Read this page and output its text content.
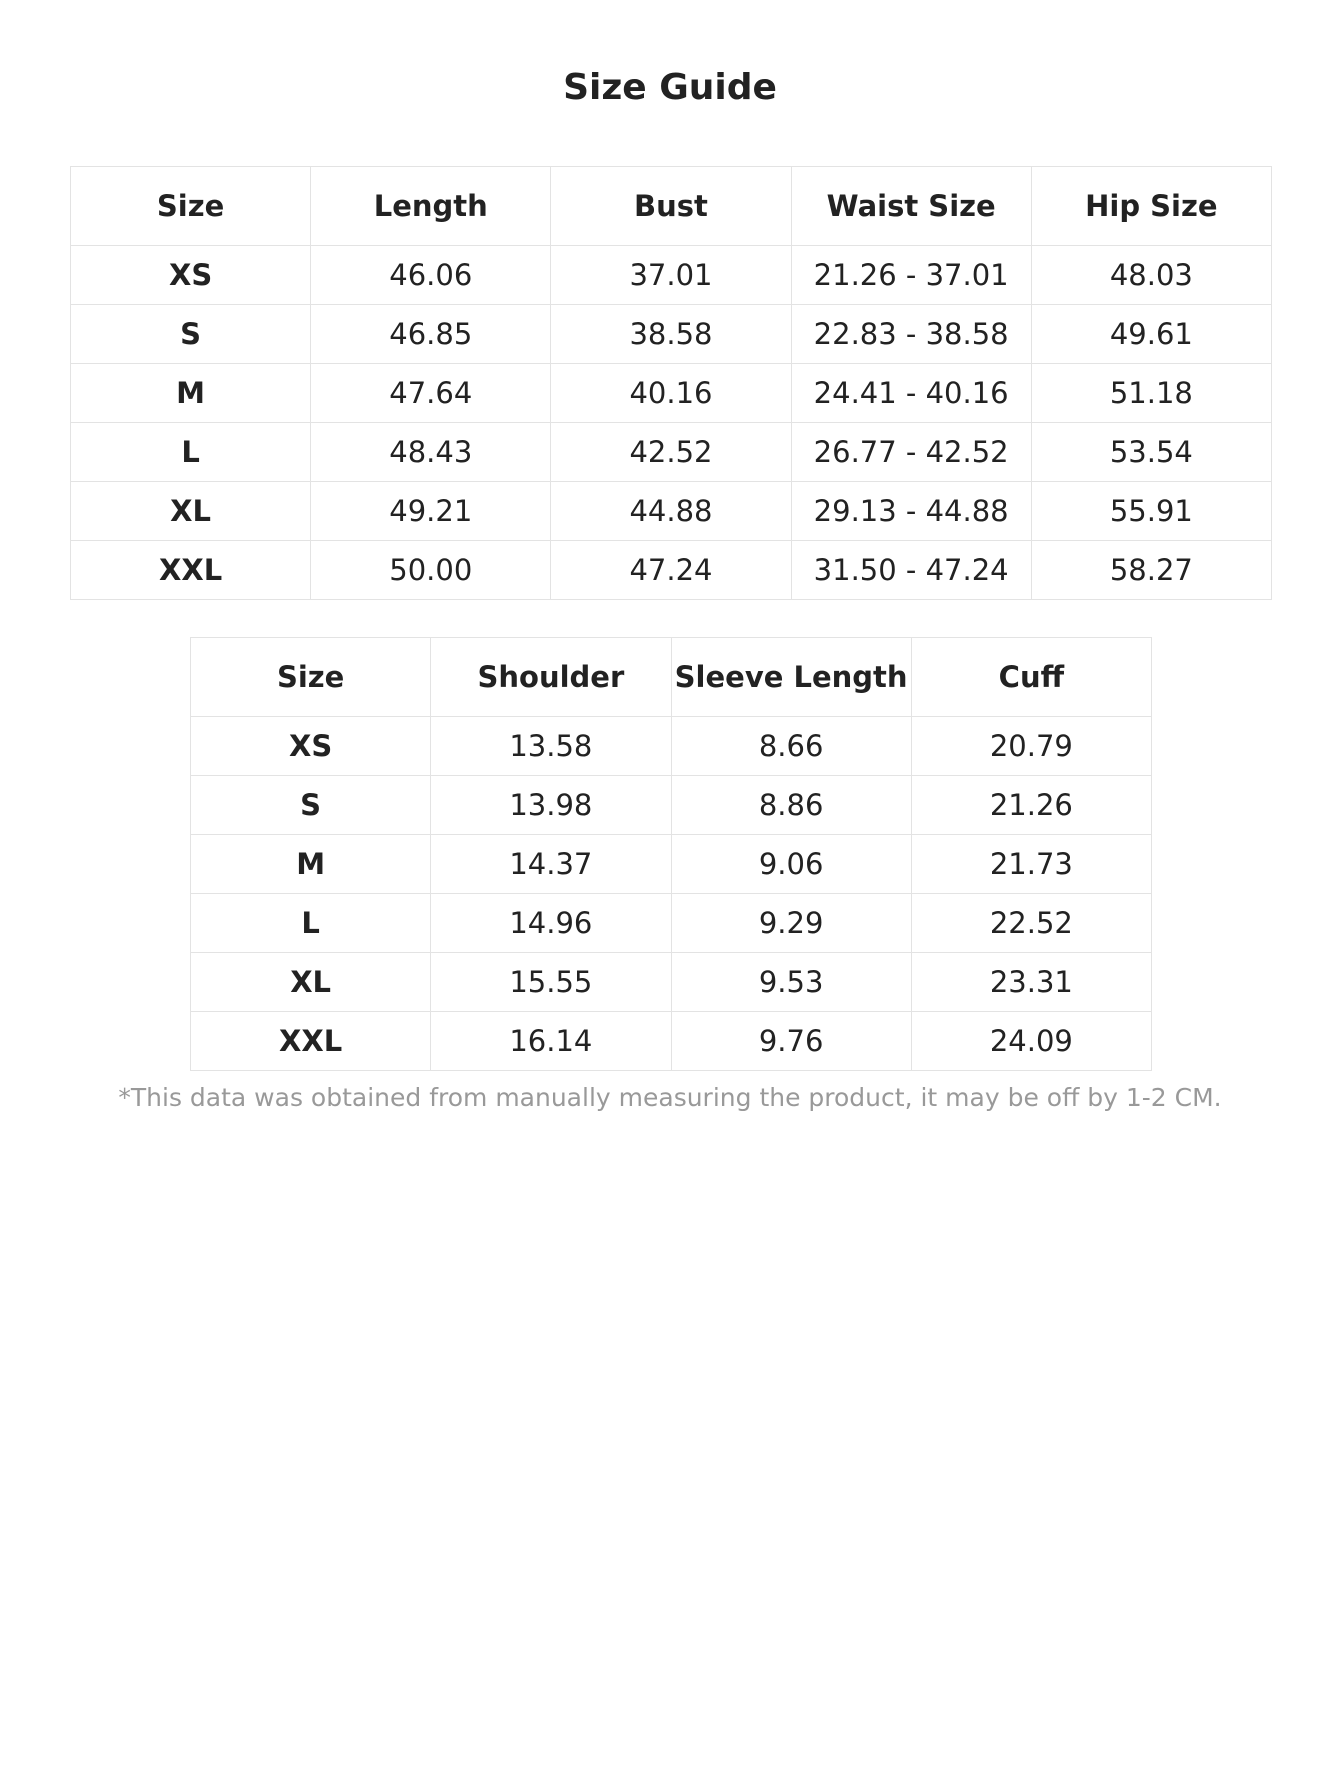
Size Guide
Size	Length	Bust	Waist Size	Hip Size
XS	46.06	37.01	21.26 - 37.01	48.03
S	46.85	38.58	22.83 - 38.58	49.61
M	47.64	40.16	24.41 - 40.16	51.18
L	48.43	42.52	26.77 - 42.52	53.54
XL	49.21	44.88	29.13 - 44.88	55.91
XXL	50.00	47.24	31.50 - 47.24	58.27
Size	Shoulder	Sleeve Length	Cuff
XS	13.58	8.66	20.79
S	13.98	8.86	21.26
M	14.37	9.06	21.73
L	14.96	9.29	22.52
XL	15.55	9.53	23.31
XXL	16.14	9.76	24.09
*This data was obtained from manually measuring the product, it may be off by 1-2 CM.
